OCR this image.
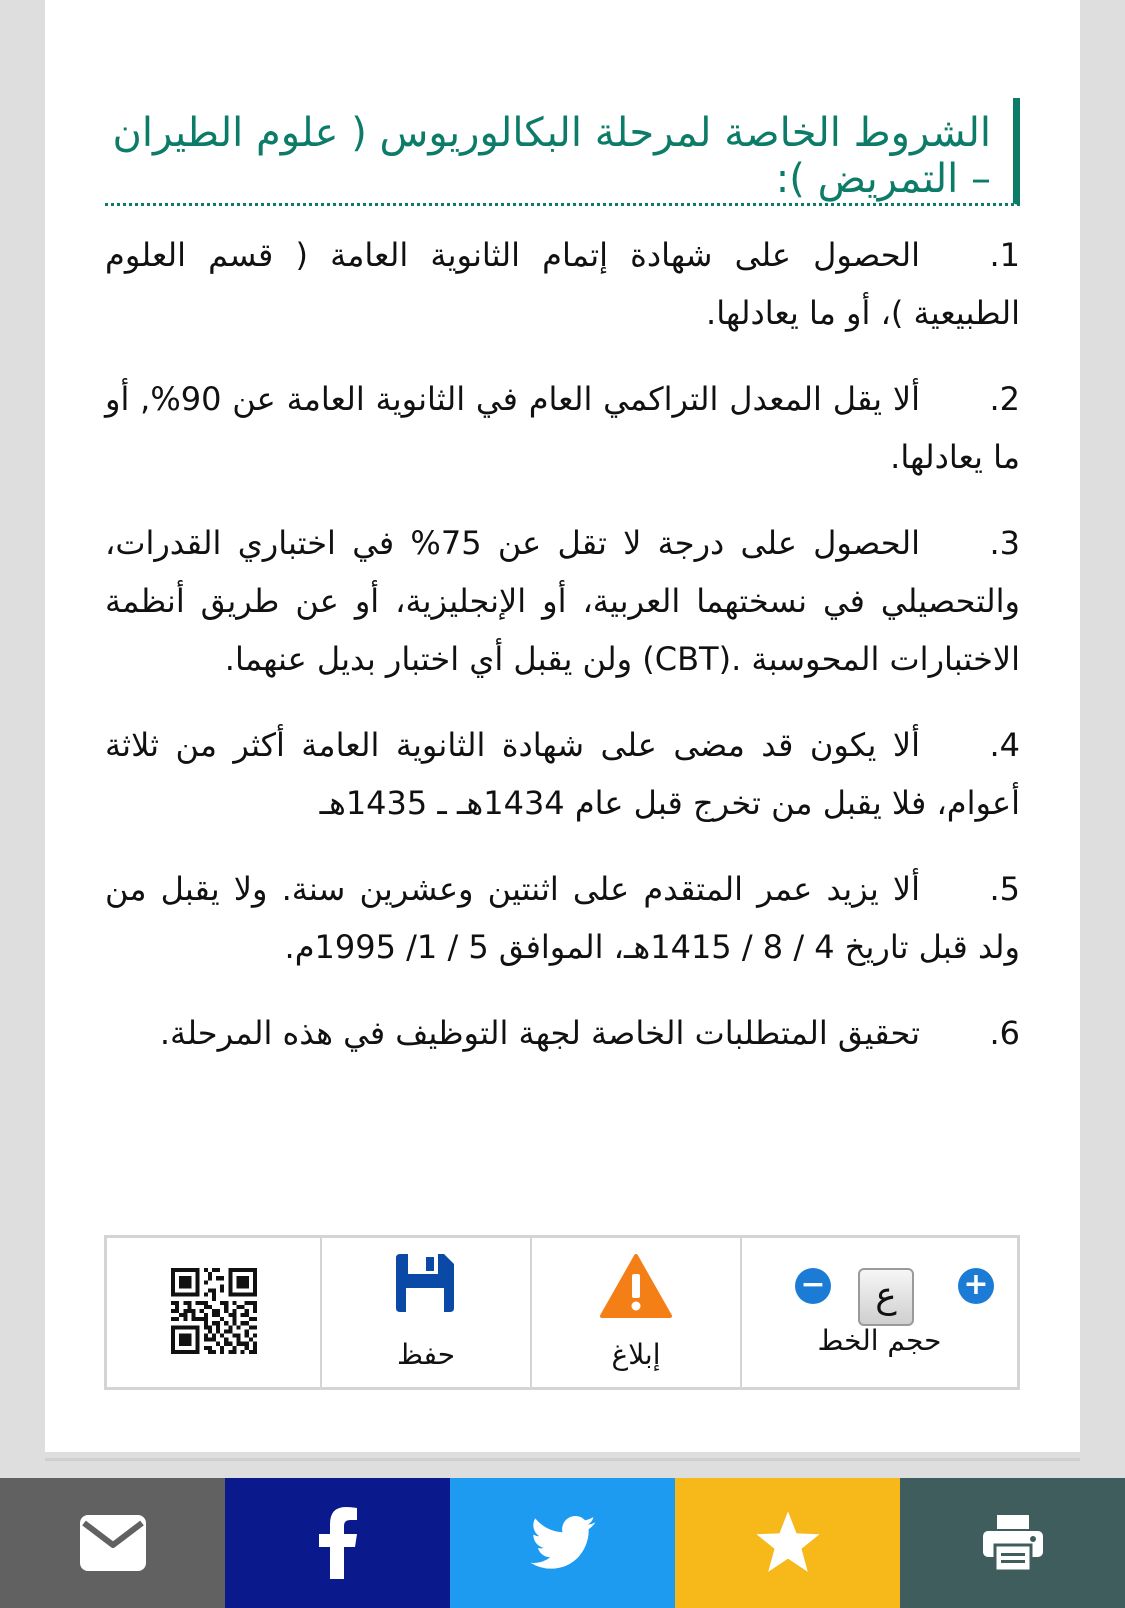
الشروط الخاصة لمرحلة البكالوريوس ( علوم الطيران – التمريض ):

1.الحصول على شهادة إتمام الثانوية العامة ( قسم العلوم الطبيعية )، أو ما يعادلها.

2.ألا يقل المعدل التراكمي العام في الثانوية العامة عن 90%, أو ما يعادلها.

3.الحصول على درجة لا تقل عن 75% في اختباري القدرات، والتحصيلي في نسختهما العربية، أو الإنجليزية، أو عن طريق أنظمة الاختبارات المحوسبة .(CBT) ولن يقبل أي اختبار بديل عنهما.

4.ألا يكون قد مضى على شهادة الثانوية العامة أكثر من ثلاثة أعوام، فلا يقبل من تخرج قبل عام 1434هـ ـ 1435هـ

5.ألا يزيد عمر المتقدم على اثنتين وعشرين سنة. ولا يقبل من ولد قبل تاريخ 4 / 8 / 1415هـ، الموافق 5 / 1/ 1995م.

6.تحقيق المتطلبات الخاصة لجهة التوظيف في هذه المرحلة.

حفظ	إبلاغ
−	ع	+
حجم الخط
